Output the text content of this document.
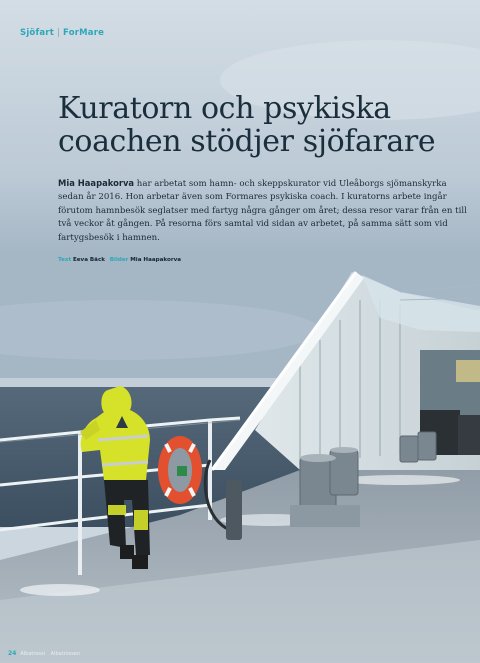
Sjöfart | ForMare
Kuratorn och psykiska
coachen stödjer sjöfarare

Mia Haapakorva har arbetat som hamn- och skeppskurator vid Uleåborgs sjömanskyrka sedan år 2016. Hon arbetar även som Formares psykiska coach. I kuratorns arbete ingår förutom hamnbesök seglatser med fartyg några gånger om året; dessa resor varar från en till två veckor åt gången. På resorna förs samtal vid sidan av arbetet, på samma sätt som vid fartygsbesök i hamnen.

Text Eeva Bäck Bilder Mia Haapakorva
24 Albatrossi | Albatrossen
